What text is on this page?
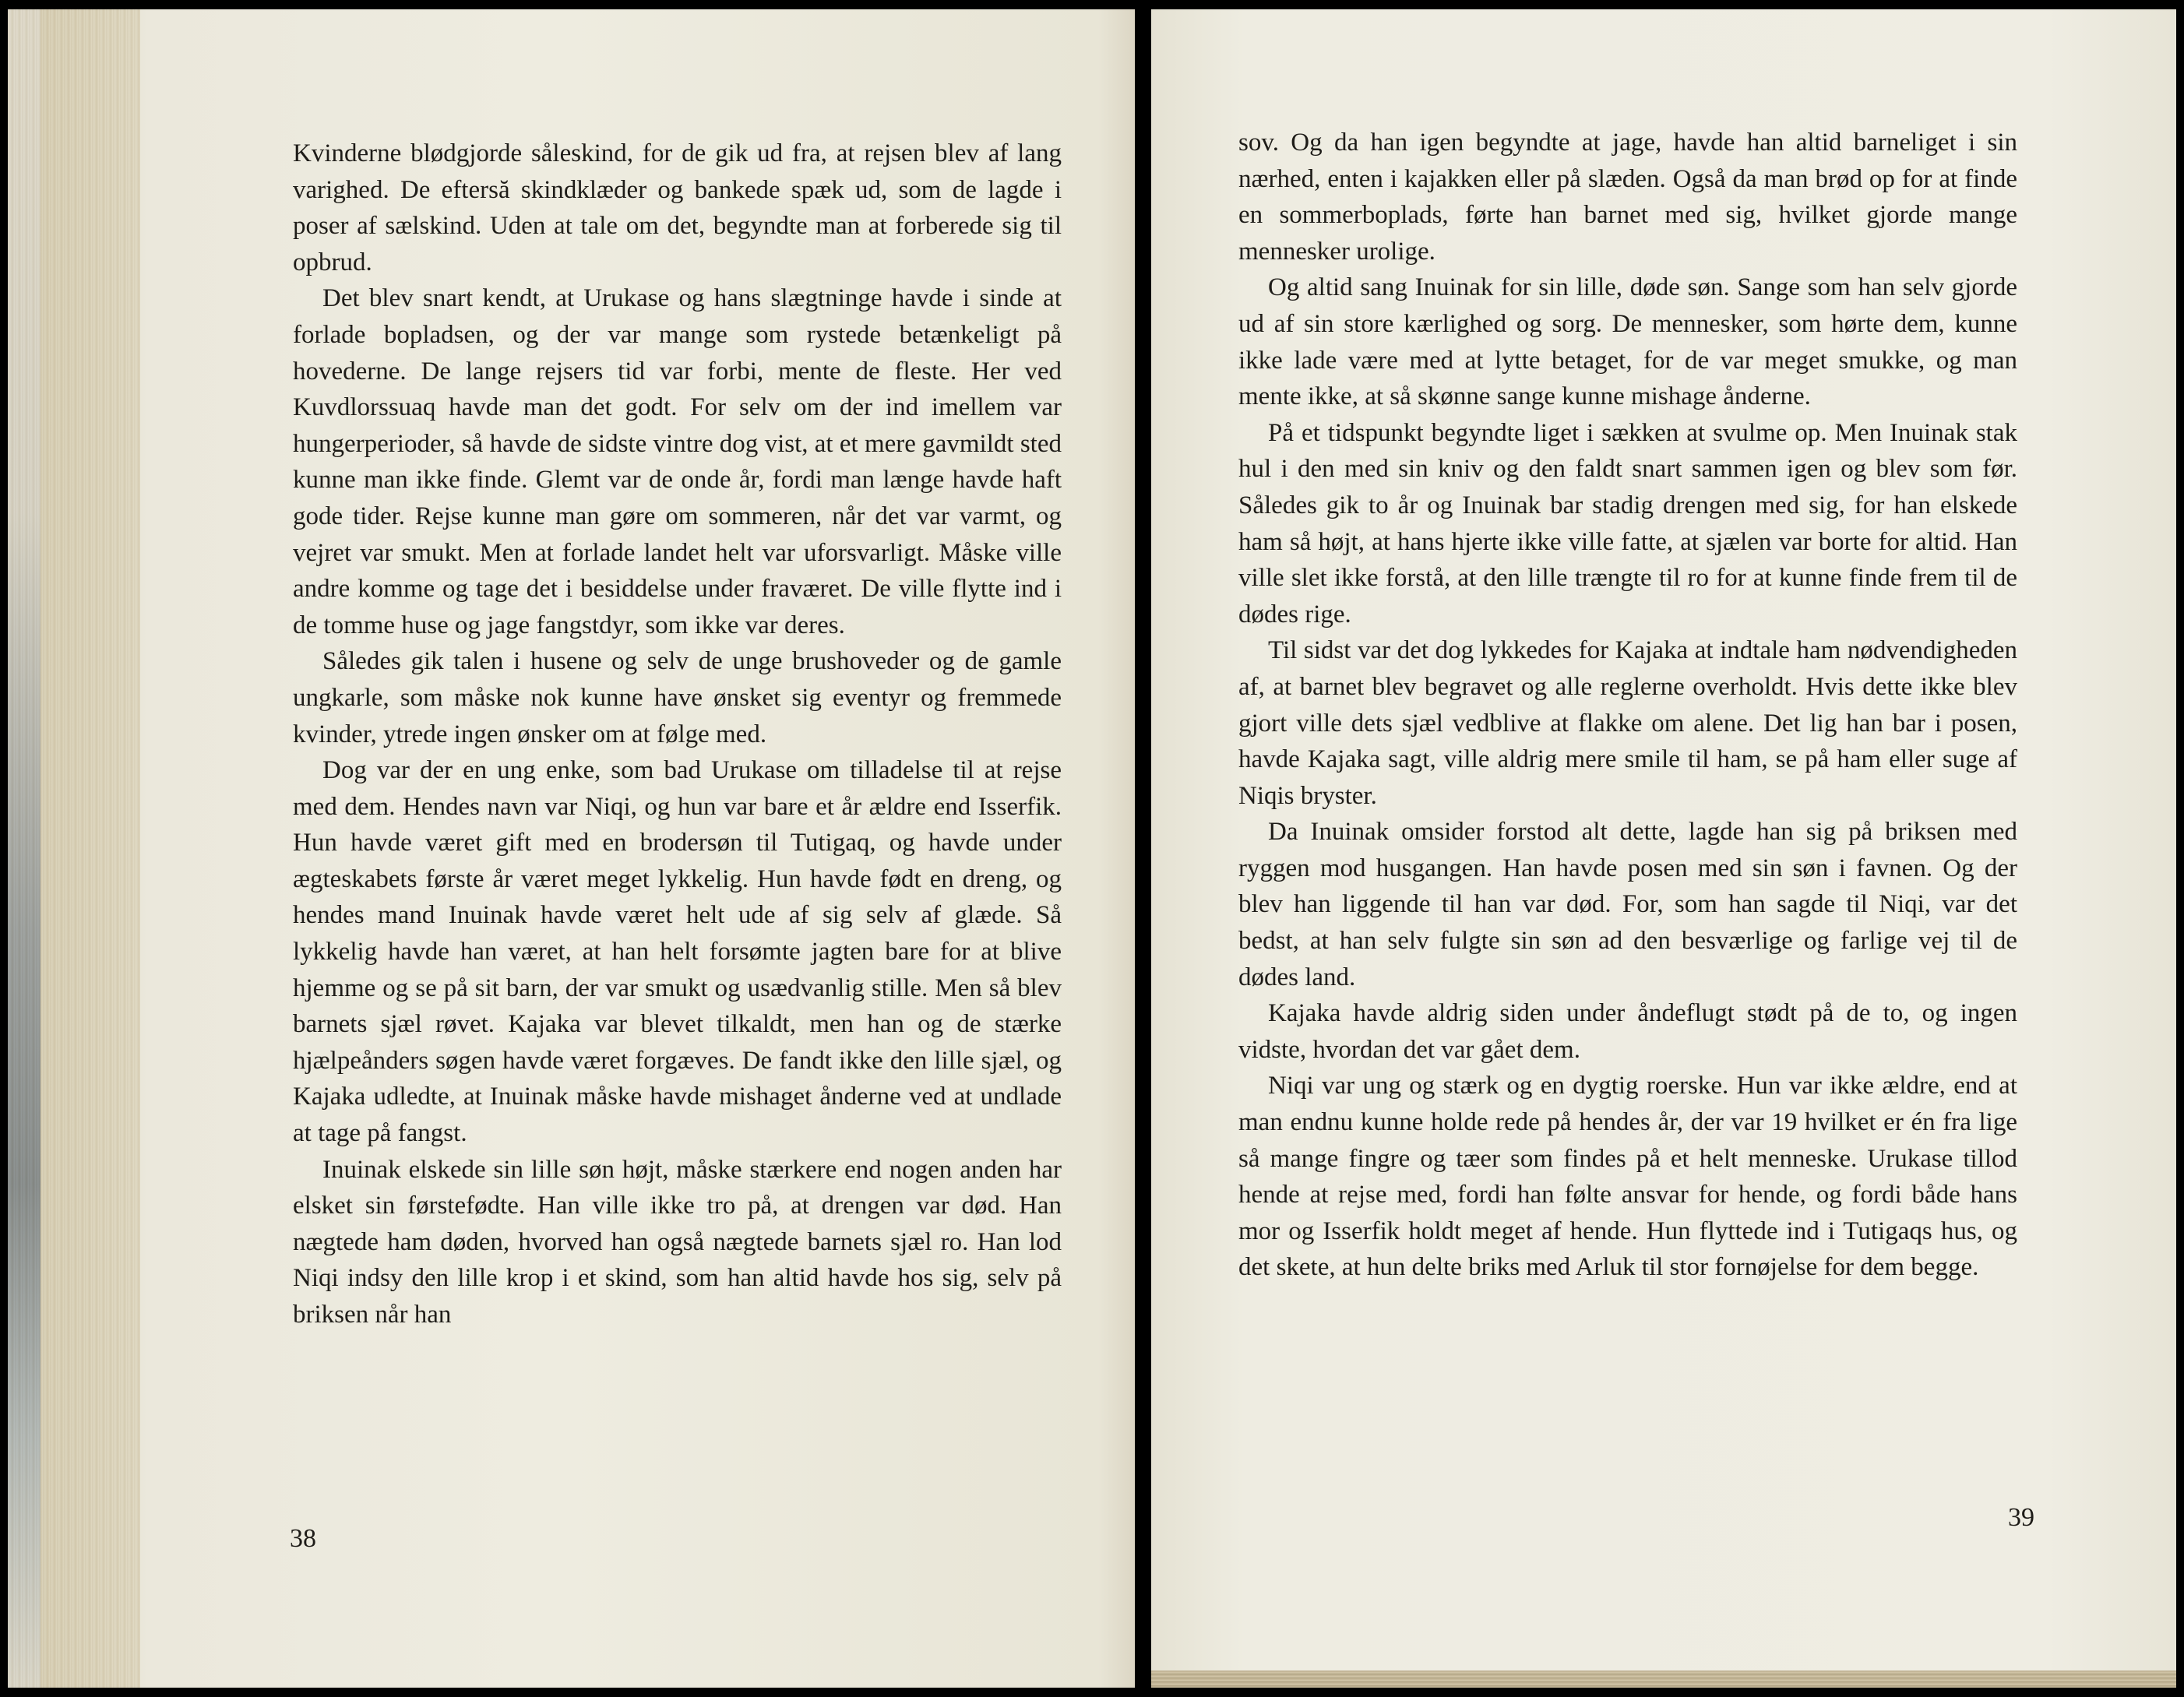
Kvinderne blødgjorde såleskind, for de gik ud fra, at rejsen blev af lang varighed. De eftersă skindklæder og bankede spæk ud, som de lagde i poser af sælskind. Uden at tale om det, begyndte man at forberede sig til opbrud.

Det blev snart kendt, at Urukase og hans slægtninge havde i sinde at forlade bopladsen, og der var mange som rystede betænkeligt på hovederne. De lange rejsers tid var forbi, mente de fleste. Her ved Kuvdlorssuaq havde man det godt. For selv om der ind imellem var hungerperioder, så havde de sidste vintre dog vist, at et mere gavmildt sted kunne man ikke finde. Glemt var de onde år, fordi man længe havde haft gode tider. Rejse kunne man gøre om sommeren, når det var varmt, og vejret var smukt. Men at forlade landet helt var uforsvarligt. Måske ville andre komme og tage det i besiddelse under fraværet. De ville flytte ind i de tomme huse og jage fangstdyr, som ikke var deres.

Således gik talen i husene og selv de unge brushoveder og de gamle ungkarle, som måske nok kunne have ønsket sig eventyr og fremmede kvinder, ytrede ingen ønsker om at følge med.

Dog var der en ung enke, som bad Urukase om tilladelse til at rejse med dem. Hendes navn var Niqi, og hun var bare et år ældre end Isserfik. Hun havde været gift med en brodersøn til Tutigaq, og havde under ægteskabets første år været meget lykkelig. Hun havde født en dreng, og hendes mand Inuinak havde været helt ude af sig selv af glæde. Så lykkelig havde han været, at han helt forsømte jagten bare for at blive hjemme og se på sit barn, der var smukt og usædvanlig stille. Men så blev barnets sjæl røvet. Kajaka var blevet tilkaldt, men han og de stærke hjælpeånders søgen havde været forgæves. De fandt ikke den lille sjæl, og Kajaka udledte, at Inuinak måske havde mishaget ånderne ved at undlade at tage på fangst.

Inuinak elskede sin lille søn højt, måske stærkere end nogen anden har elsket sin førstefødte. Han ville ikke tro på, at drengen var død. Han nægtede ham døden, hvorved han også nægtede barnets sjæl ro. Han lod Niqi indsy den lille krop i et skind, som han altid havde hos sig, selv på briksen når han

38

sov. Og da han igen begyndte at jage, havde han altid barneliget i sin nærhed, enten i kajakken eller på slæden. Også da man brød op for at finde en sommerboplads, førte han barnet med sig, hvilket gjorde mange mennesker urolige.

Og altid sang Inuinak for sin lille, døde søn. Sange som han selv gjorde ud af sin store kærlighed og sorg. De mennesker, som hørte dem, kunne ikke lade være med at lytte betaget, for de var meget smukke, og man mente ikke, at så skønne sange kunne mishage ånderne.

På et tidspunkt begyndte liget i sækken at svulme op. Men Inuinak stak hul i den med sin kniv og den faldt snart sammen igen og blev som før. Således gik to år og Inuinak bar stadig drengen med sig, for han elskede ham så højt, at hans hjerte ikke ville fatte, at sjælen var borte for altid. Han ville slet ikke forstå, at den lille trængte til ro for at kunne finde frem til de dødes rige.

Til sidst var det dog lykkedes for Kajaka at indtale ham nødvendigheden af, at barnet blev begravet og alle reglerne overholdt. Hvis dette ikke blev gjort ville dets sjæl vedblive at flakke om alene. Det lig han bar i posen, havde Kajaka sagt, ville aldrig mere smile til ham, se på ham eller suge af Niqis bryster.

Da Inuinak omsider forstod alt dette, lagde han sig på briksen med ryggen mod husgangen. Han havde posen med sin søn i favnen. Og der blev han liggende til han var død. For, som han sagde til Niqi, var det bedst, at han selv fulgte sin søn ad den besværlige og farlige vej til de dødes land.

Kajaka havde aldrig siden under åndeflugt stødt på de to, og ingen vidste, hvordan det var gået dem.

Niqi var ung og stærk og en dygtig roerske. Hun var ikke ældre, end at man endnu kunne holde rede på hendes år, der var 19 hvilket er én fra lige så mange fingre og tæer som findes på et helt menneske. Urukase tillod hende at rejse med, fordi han følte ansvar for hende, og fordi både hans mor og Isserfik holdt meget af hende. Hun flyttede ind i Tutigaqs hus, og det skete, at hun delte briks med Arluk til stor fornøjelse for dem begge.

39
